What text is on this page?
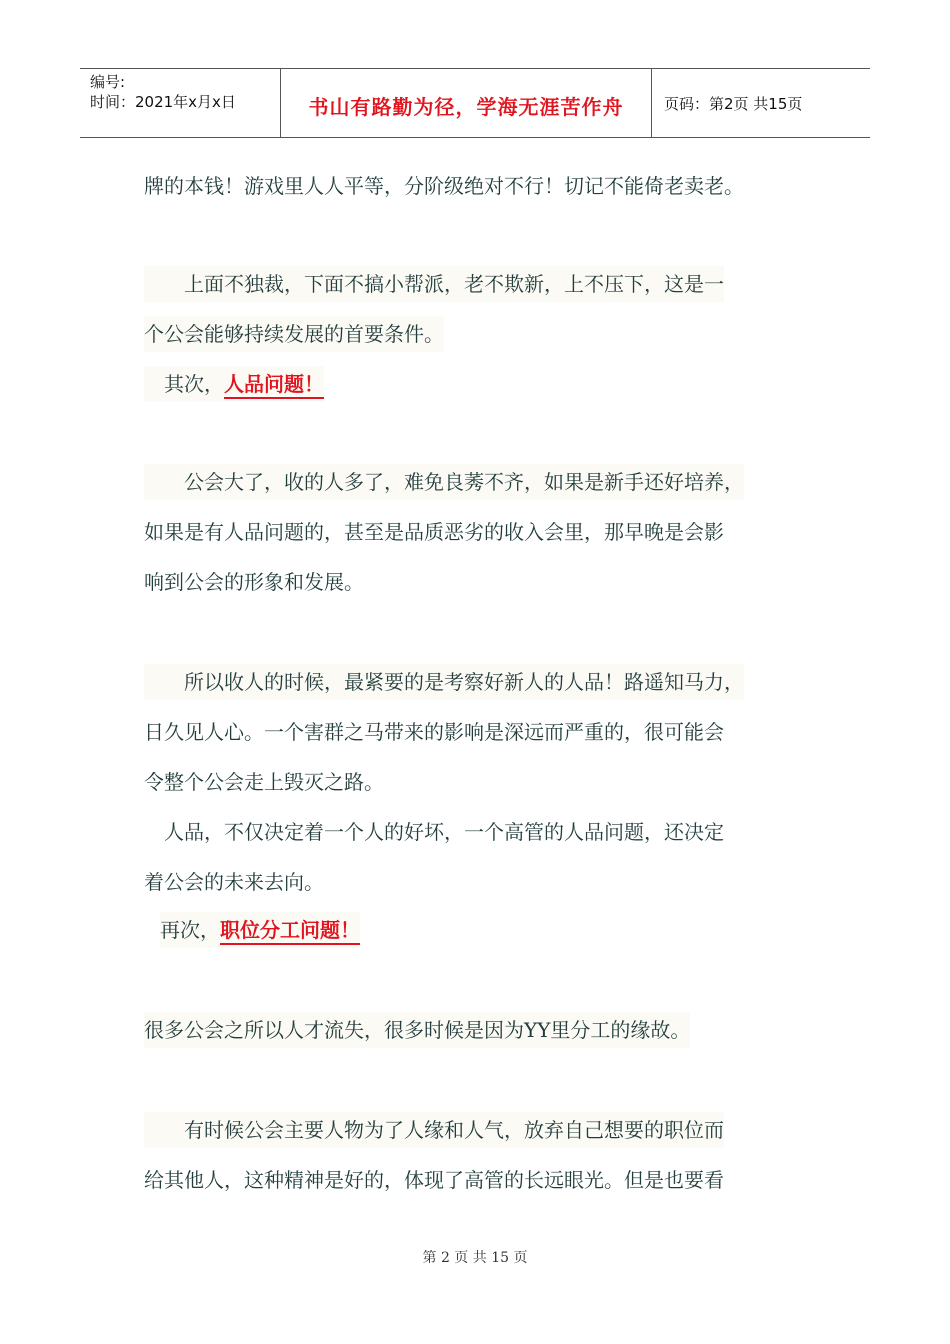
编号:
时间：2021年x月x日	书山有路勤为径，学海无涯苦作舟	页码：第2页 共15页
牌的本钱！游戏里人人平等，分阶级绝对不行！切记不能倚老卖老。
　　上面不独裁，下面不搞小帮派，老不欺新，上不压下，这是一
个公会能够持续发展的首要条件。
　其次，人品问题！
　　公会大了，收的人多了，难免良莠不齐，如果是新手还好培养，
如果是有人品问题的，甚至是品质恶劣的收入会里，那早晚是会影
响到公会的形象和发展。
　　所以收人的时候，最紧要的是考察好新人的人品！路遥知马力，
日久见人心。一个害群之马带来的影响是深远而严重的，很可能会
令整个公会走上毁灭之路。
　人品，不仅决定着一个人的好坏，一个高管的人品问题，还决定
着公会的未来去向。
再次，职位分工问题！
很多公会之所以人才流失，很多时候是因为YY里分工的缘故。
　　有时候公会主要人物为了人缘和人气，放弃自己想要的职位而
给其他人，这种精神是好的，体现了高管的长远眼光。但是也要看
第 2 页 共 15 页
